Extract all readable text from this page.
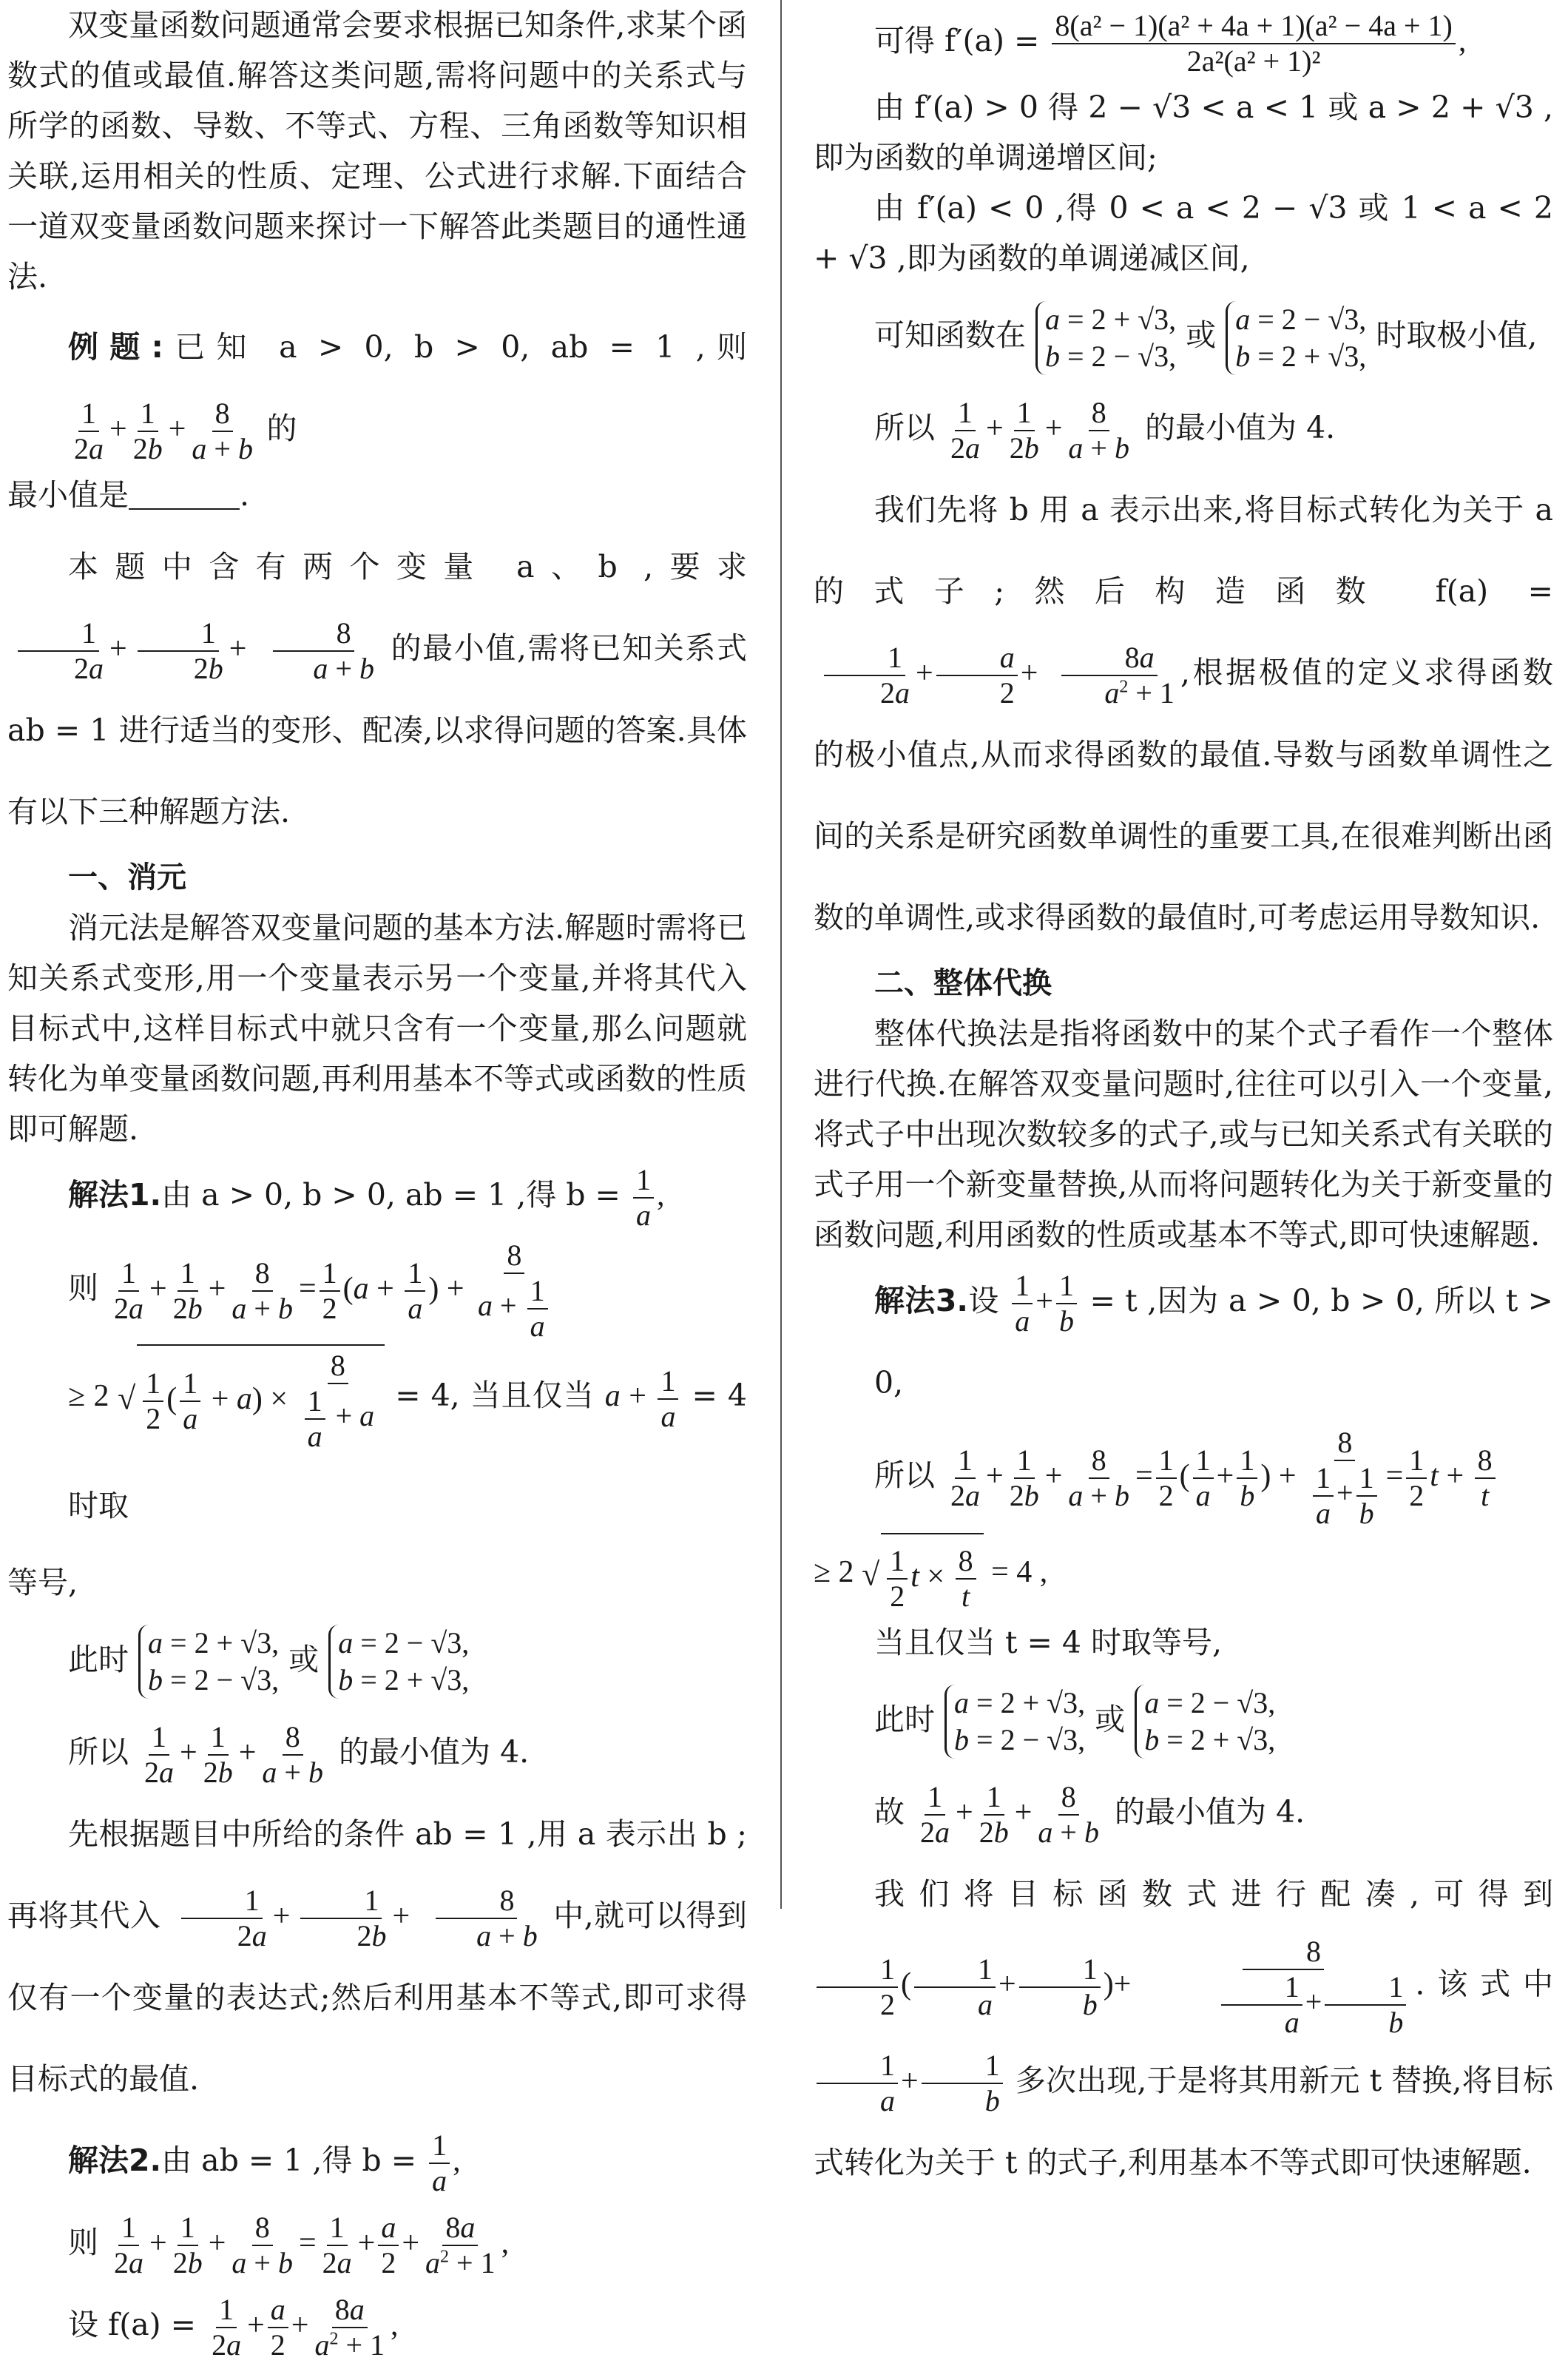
双变量函数问题通常会要求根据已知条件,求某个函数式的值或最值.解答这类问题,需将问题中的关系式与所学的函数、导数、不等式、方程、三角函数等知识相关联,运用相关的性质、定理、公式进行求解.下面结合一道双变量函数问题来探讨一下解答此类题目的通性通法.

例题:已知 a > 0, b > 0, ab = 1 ,则
$\frac{1}{2a} + \frac{1}{2b} + \frac{8}{a + b}$ 的

最小值是	.

本题中含有两个变量 a、b ,要求
$\frac{1}{2a} + \frac{1}{2b} + \frac{8}{a + b}$ 的最小值,需将已知关系式 ab = 1 进行适当的变形、配凑,以求得问题的答案.具体有以下三种解题方法.

一、消元

消元法是解答双变量问题的基本方法.解题时需将已知关系式变形,用一个变量表示另一个变量,并将其代入目标式中,这样目标式中就只含有一个变量,那么问题就转化为单变量函数问题,再利用基本不等式或函数的性质即可解题.

解法1.由 a > 0, b > 0, ab = 1 ,得 $b = \frac{1}{a}$ ,

则 $\frac{1}{2a} + \frac{1}{2b} + \frac{8}{a + b} = \frac{1}{2} (a + \frac{1}{a}$ ) + $\frac{8}{a + \frac{1}{a}}$

≥ 2 √ $\frac{1}{2}$ ( $\frac{1}{a} + a) \times \frac{8}{\frac{1}{a} + a} = 4$, 当且仅当 $a + \frac{1}{a} = 4$ 时取

等号,

此时 a = 2 + √3,
b = 2 − √3,
或 a = 2 − √3,
b = 2 + √3,

所以 $\frac{1}{2a} + \frac{1}{2b} + \frac{8}{a + b}$ 的最小值为 4.

先根据题目中所给的条件 ab = 1 ,用 a 表示出 b ;再将其代入 $\frac{1}{2a} + \frac{1}{2b} + \frac{8}{a + b}$ 中,就可以得到仅有一个变量的表达式;然后利用基本不等式,即可求得目标式的最值.

解法2.由 ab = 1 ,得 $b = \frac{1}{a}$ ,

则 $\frac{1}{2a} + \frac{1}{2b} + \frac{8}{a + b} = \frac{1}{2a} + \frac{a}{2} + \frac{8a}{a^2 + 1}$ ,

设 $f(a) = \frac{1}{2a} + \frac{a}{2} + \frac{8a}{a^2 + 1}$ ,

可得 $f'(a) = \frac{\text{8(a² − 1)(a² + 4a + 1)(a² − 4a + 1)}}{\text{2a²(a² + 1)²}}$ ,

由 f′(a) > 0 得 2 − √3 < a < 1 或 a > 2 + √3 ,即为函数的单调递增区间;

由 f′(a) < 0 ,得 0 < a < 2 − √3 或 1 < a < 2 + √3 ,即为函数的单调递减区间,

可知函数在 a = 2 + √3,
b = 2 − √3,
或 a = 2 − √3,
b = 2 + √3,
时取极小值,

所以 $\frac{1}{2a} + \frac{1}{2b} + \frac{8}{a + b}$ 的最小值为 4.

我们先将 b 用 a 表示出来,将目标式转化为关于 a 的式子;然后构造函数 f(a) =
$\frac{1}{2a} + \frac{a}{2} + \frac{8a}{a^2 + 1}$ ,根据极值的定义求得函数的极小值点,从而求得函数的最值.导数与函数单调性之间的关系是研究函数单调性的重要工具,在很难判断出函数的单调性,或求得函数的最值时,可考虑运用导数知识.

二、整体代换

整体代换法是指将函数中的某个式子看作一个整体进行代换.在解答双变量问题时,往往可以引入一个变量,将式子中出现次数较多的式子,或与已知关系式有关联的式子用一个新变量替换,从而将问题转化为关于新变量的函数问题,利用函数的性质或基本不等式,即可快速解题.

解法3.设 $\frac{1}{a} + \frac{1}{b} = t$ ,因为 a > 0, b > 0, 所以 t > 0,

所以 $\frac{1}{2a} + \frac{1}{2b} + \frac{8}{a + b} = \frac{1}{2}$ ( $\frac{1}{a} + \frac{1}{b}$ ) + $\frac{8}{\frac{1}{a} + \frac{1}{b}} = \frac{1}{2}$ $t + \frac{8}{t}$

≥ 2 √ $\frac{1}{2}$ $t \times \frac{8}{t} = 4$ ,

当且仅当 t = 4 时取等号,

此时 a = 2 + √3,
b = 2 − √3,
或 a = 2 − √3,
b = 2 + √3,

故 $\frac{1}{2a} + \frac{1}{2b} + \frac{8}{a + b}$ 的最小值为 4.

我们将目标函数式进行配凑,可得到
$\frac{1}{2}$ ( $\frac{1}{a} + \frac{1}{b}$ )+ $\frac{8}{\frac{1}{a} + \frac{1}{b}}$ .该式中
$\frac{1}{a} + \frac{1}{b}$ 多次出现,于是将其用新元 t 替换,将目标式转化为关于 t 的式子,利用基本不等式即可快速解题.
